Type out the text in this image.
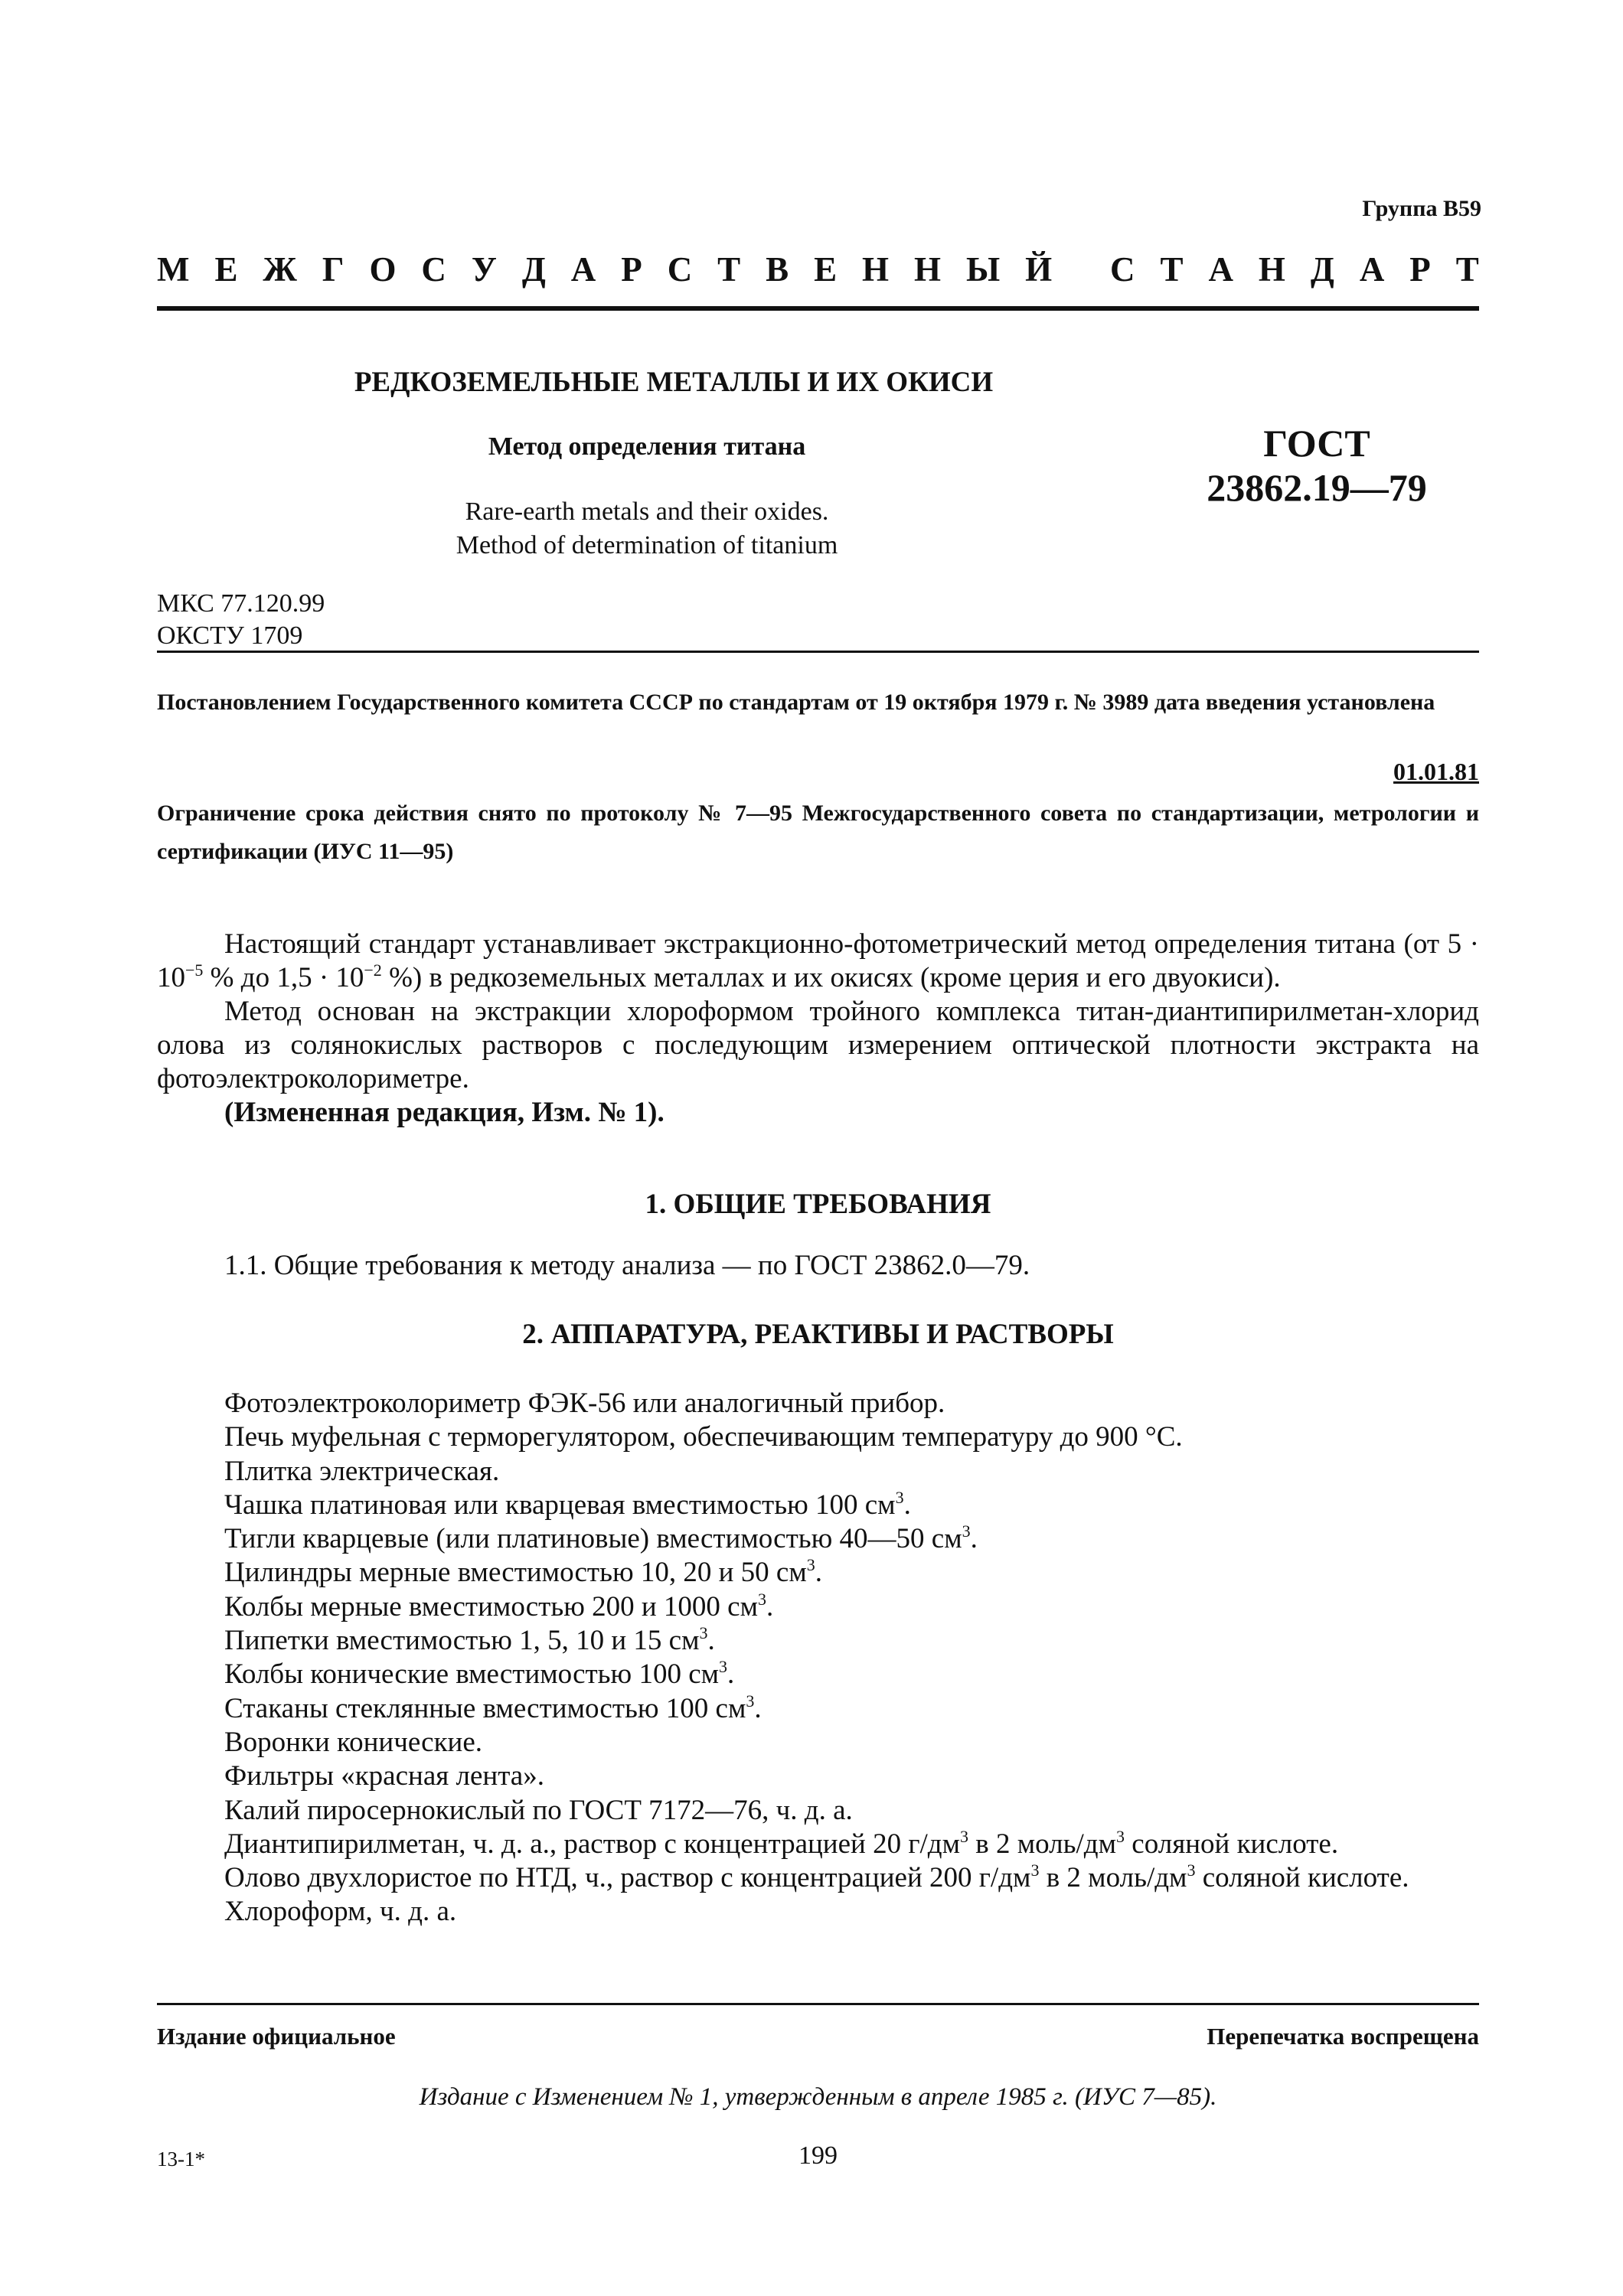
Группа В59
М Е Ж Г О С У Д А Р С Т В Е Н Н Ы Й С Т А Н Д А Р Т
РЕДКОЗЕМЕЛЬНЫЕ МЕТАЛЛЫ И ИХ ОКИСИ
Метод определения титана
Rare-earth metals and their oxides.
Method of determination of titanium
ГОСТ
23862.19—79
МКС 77.120.99
ОКСТУ 1709
Постановлением Государственного комитета СССР по стандартам от 19 октября 1979 г. № 3989 дата введения установлена
01.01.81
Ограничение срока действия снято по протоколу № 7—95 Межгосударственного совета по стандартизации, метрологии и сертификации (ИУС 11—95)

Настоящий стандарт устанавливает экстракционно-фотометрический метод определения титана (от $5 \cdot 10^{-5}$ % до $1,5 \cdot 10^{-2}$ %) в редкоземельных металлах и их окисях (кроме церия и его двуокиси).

Метод основан на экстракции хлороформом тройного комплекса титан-диантипирилметан-хлорид олова из солянокислых растворов с последующим измерением оптической плотности экстракта на фотоэлектроколориметре.

(Измененная редакция, Изм. № 1).

1. ОБЩИЕ ТРЕБОВАНИЯ
1.1. Общие требования к методу анализа — по ГОСТ 23862.0—79.
2. АППАРАТУРА, РЕАКТИВЫ И РАСТВОРЫ

Фотоэлектроколориметр ФЭК-56 или аналогичный прибор.

Печь муфельная с терморегулятором, обеспечивающим температуру до 900 °С.

Плитка электрическая.

Чашка платиновая или кварцевая вместимостью 100 $см^3$.

Тигли кварцевые (или платиновые) вместимостью 40—50 $см^3$.

Цилиндры мерные вместимостью 10, 20 и 50 $см^3$.

Колбы мерные вместимостью 200 и 1000 $см^3$.

Пипетки вместимостью 1, 5, 10 и 15 $см^3$.

Колбы конические вместимостью 100 $см^3$.

Стаканы стеклянные вместимостью 100 $см^3$.

Воронки конические.

Фильтры «красная лента».

Калий пиросернокислый по ГОСТ 7172—76, ч. д. а.

Диантипирилметан, ч. д. а., раствор с концентрацией 20 $г/дм^3$ в 2 моль/$дм^3$ соляной кислоте.

Олово двухлористое по НТД, ч., раствор с концентрацией 200 $г/дм^3$ в 2 моль/$дм^3$ соляной кислоте.

Хлороформ, ч. д. а.

Издание официальное	Перепечатка воспрещена
Издание с Изменением № 1, утвержденным в апреле 1985 г. (ИУС 7—85).
13-1*	199
